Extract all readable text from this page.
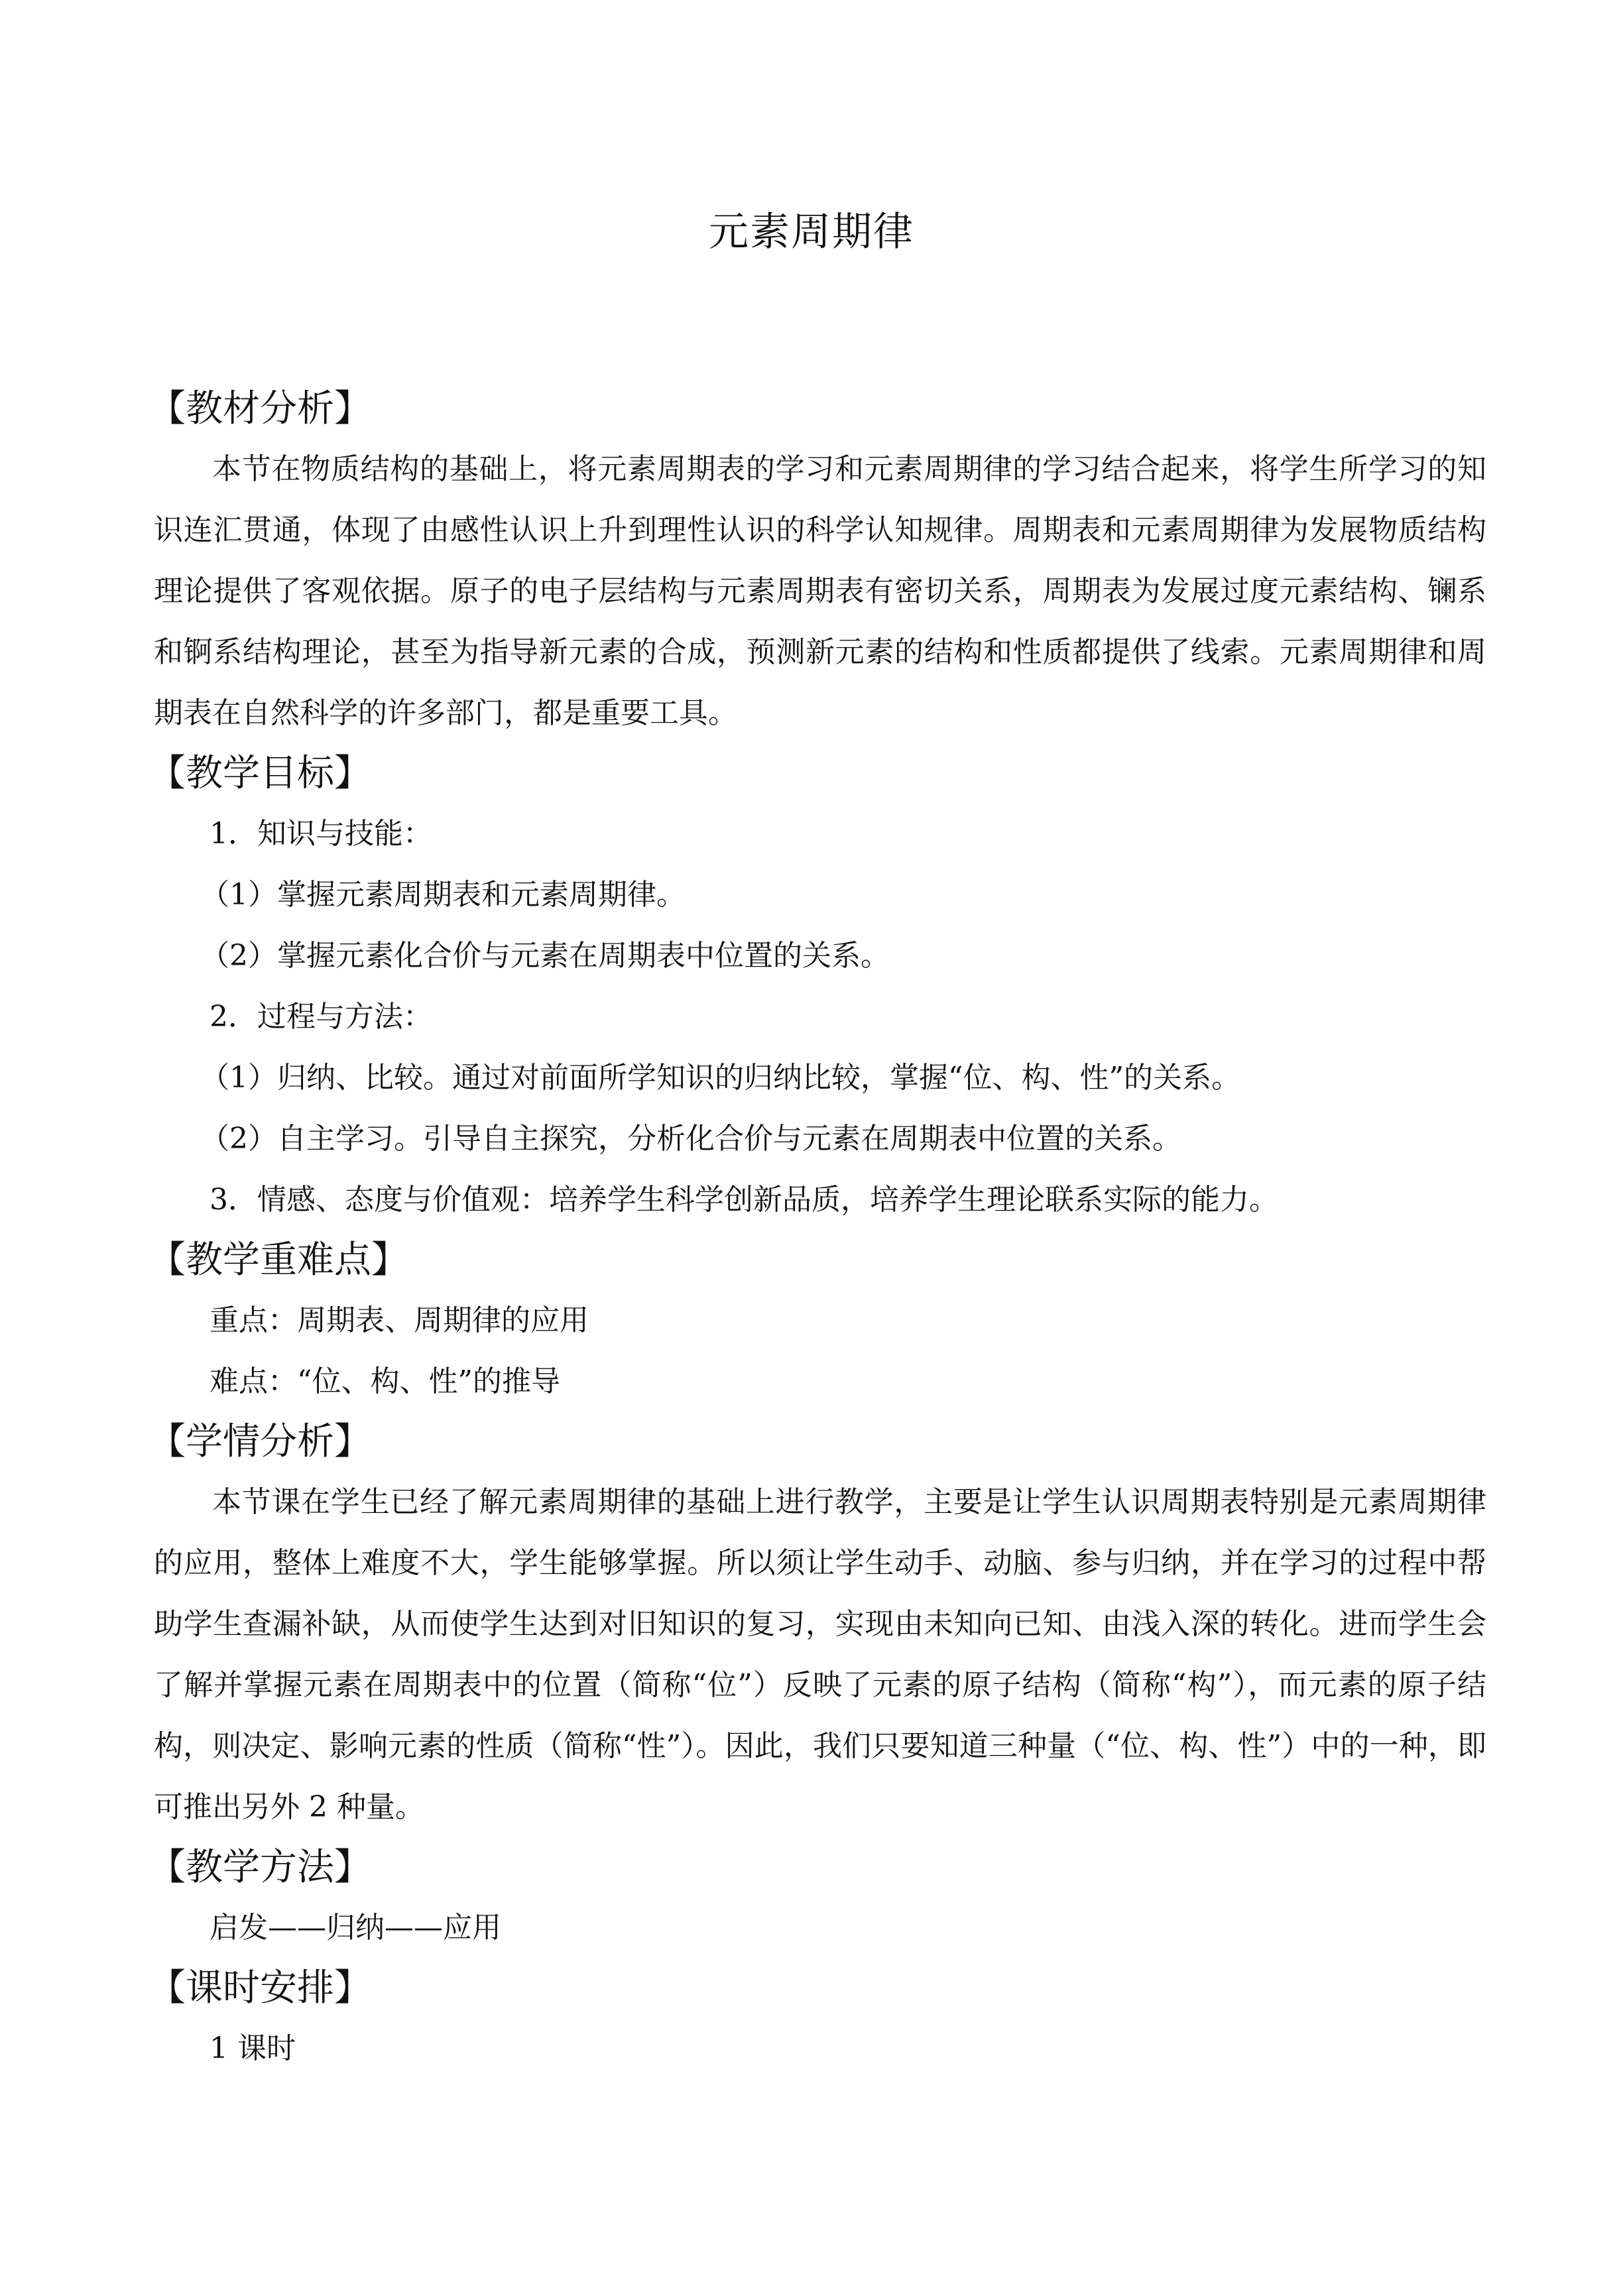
元素周期律
【教材分析】

本节在物质结构的基础上，将元素周期表的学习和元素周期律的学习结合起来，将学生所学习的知识连汇贯通，体现了由感性认识上升到理性认识的科学认知规律。周期表和元素周期律为发展物质结构理论提供了客观依据。原子的电子层结构与元素周期表有密切关系，周期表为发展过度元素结构、镧系和锕系结构理论，甚至为指导新元素的合成，预测新元素的结构和性质都提供了线索。元素周期律和周期表在自然科学的许多部门，都是重要工具。

【教学目标】
1．知识与技能：
（1）掌握元素周期表和元素周期律。
（2）掌握元素化合价与元素在周期表中位置的关系。
2．过程与方法：
（1）归纳、比较。通过对前面所学知识的归纳比较，掌握“位、构、性”的关系。
（2）自主学习。引导自主探究，分析化合价与元素在周期表中位置的关系。
3．情感、态度与价值观：培养学生科学创新品质，培养学生理论联系实际的能力。
【教学重难点】
重点：周期表、周期律的应用
难点：“位、构、性”的推导
【学情分析】

本节课在学生已经了解元素周期律的基础上进行教学，主要是让学生认识周期表特别是元素周期律的应用，整体上难度不大，学生能够掌握。所以须让学生动手、动脑、参与归纳，并在学习的过程中帮助学生查漏补缺，从而使学生达到对旧知识的复习，实现由未知向已知、由浅入深的转化。进而学生会了解并掌握元素在周期表中的位置（简称“位”）反映了元素的原子结构（简称“构”），而元素的原子结构，则决定、影响元素的性质（简称“性”）。因此，我们只要知道三种量（“位、构、性”）中的一种，即可推出另外 2 种量。

【教学方法】
启发——归纳——应用
【课时安排】
1 课时
